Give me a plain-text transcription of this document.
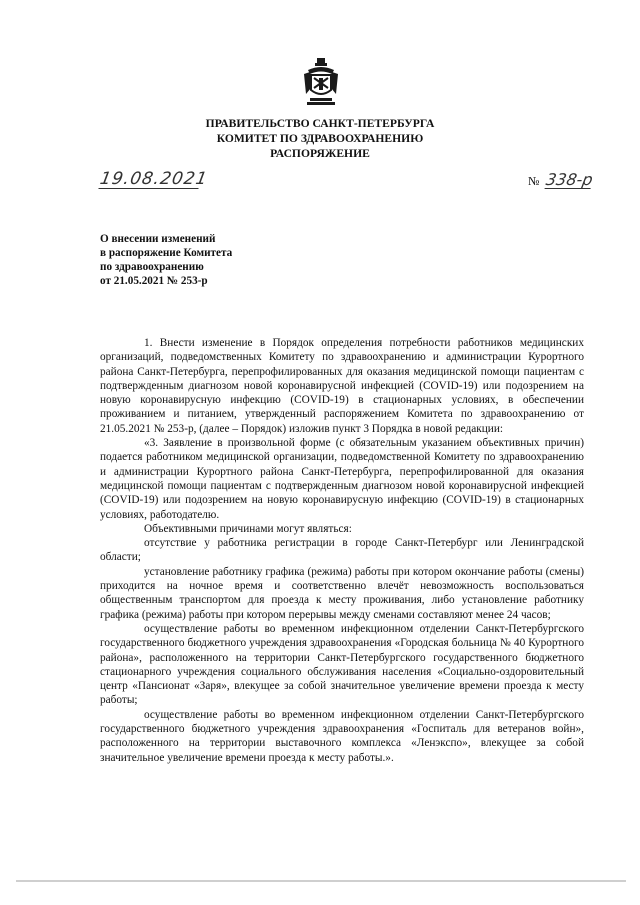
ПРАВИТЕЛЬСТВО САНКТ-ПЕТЕРБУРГА
КОМИТЕТ ПО ЗДРАВООХРАНЕНИЮ
РАСПОРЯЖЕНИЕ
19.08.2021	№ 338-р
О внесении изменений
в распоряжение Комитета
по здравоохранению
от 21.05.2021 № 253-р

1. Внести изменение в Порядок определения потребности работников медицинских организаций, подведомственных Комитету по здравоохранению и администрации Курортного района Санкт-Петербурга, перепрофилированных для оказания медицинской помощи пациентам с подтвержденным диагнозом новой коронавирусной инфекцией (COVID-19) или подозрением на новую коронавирусную инфекцию (COVID-19) в стационарных условиях, в обеспечении проживанием и питанием, утвержденный распоряжением Комитета по здравоохранению от 21.05.2021 № 253-р, (далее – Порядок) изложив пункт 3 Порядка в новой редакции:

«3. Заявление в произвольной форме (с обязательным указанием объективных причин) подается работником медицинской организации, подведомственной Комитету по здравоохранению и администрации Курортного района Санкт-Петербурга, перепрофилированной для оказания медицинской помощи пациентам с подтвержденным диагнозом новой коронавирусной инфекцией (COVID-19) или подозрением на новую коронавирусную инфекцию (COVID-19) в стационарных условиях, работодателю.

Объективными причинами могут являться:

отсутствие у работника регистрации в городе Санкт-Петербург или Ленинградской области;

установление работнику графика (режима) работы при котором окончание работы (смены) приходится на ночное время и соответственно влечёт невозможность воспользоваться общественным транспортом для проезда к месту проживания, либо установление работнику графика (режима) работы при котором перерывы между сменами составляют менее 24 часов;

осуществление работы во временном инфекционном отделении Санкт-Петербургского государственного бюджетного учреждения здравоохранения «Городская больница № 40 Курортного района», расположенного на территории Санкт-Петербургского государственного бюджетного стационарного учреждения социального обслуживания населения «Социально-оздоровительный центр «Пансионат «Заря», влекущее за собой значительное увеличение времени проезда к месту работы;

осуществление работы во временном инфекционном отделении Санкт-Петербургского государственного бюджетного учреждения здравоохранения «Госпиталь для ветеранов войн», расположенного на территории выставочного комплекса «Ленэкспо», влекущее за собой значительное увеличение времени проезда к месту работы.».
